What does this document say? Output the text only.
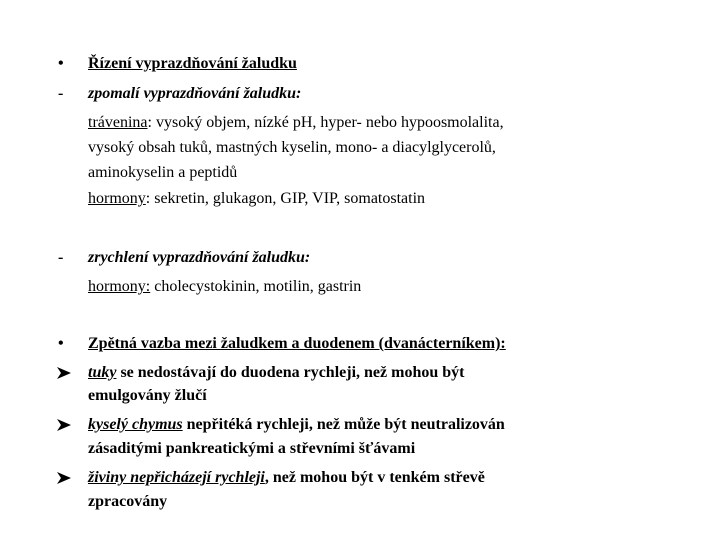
• Řízení vyprazdňování žaludku
- zpomalí vyprazdňování žaludku:
trávenina: vysoký objem, nízké pH, hyper- nebo hypoosmolalita,
vysoký obsah tuků, mastných kyselin, mono- a diacylglycerolů,
aminokyselin a peptidů
hormony: sekretin, glukagon, GIP, VIP, somatostatin
- zrychlení vyprazdňování žaludku:
hormony: cholecystokinin, motilin, gastrin
• Zpětná vazba mezi žaludkem a duodenem (dvanácterníkem):
tuky se nedostávají do duodena rychleji, než mohou být
emulgovány žlučí
kyselý chymus nepřitéká rychleji, než může být neutralizován
zásaditými pankreatickými a střevními šťávami
živiny nepřicházejí rychleji, než mohou být v tenkém střevě
zpracovány
